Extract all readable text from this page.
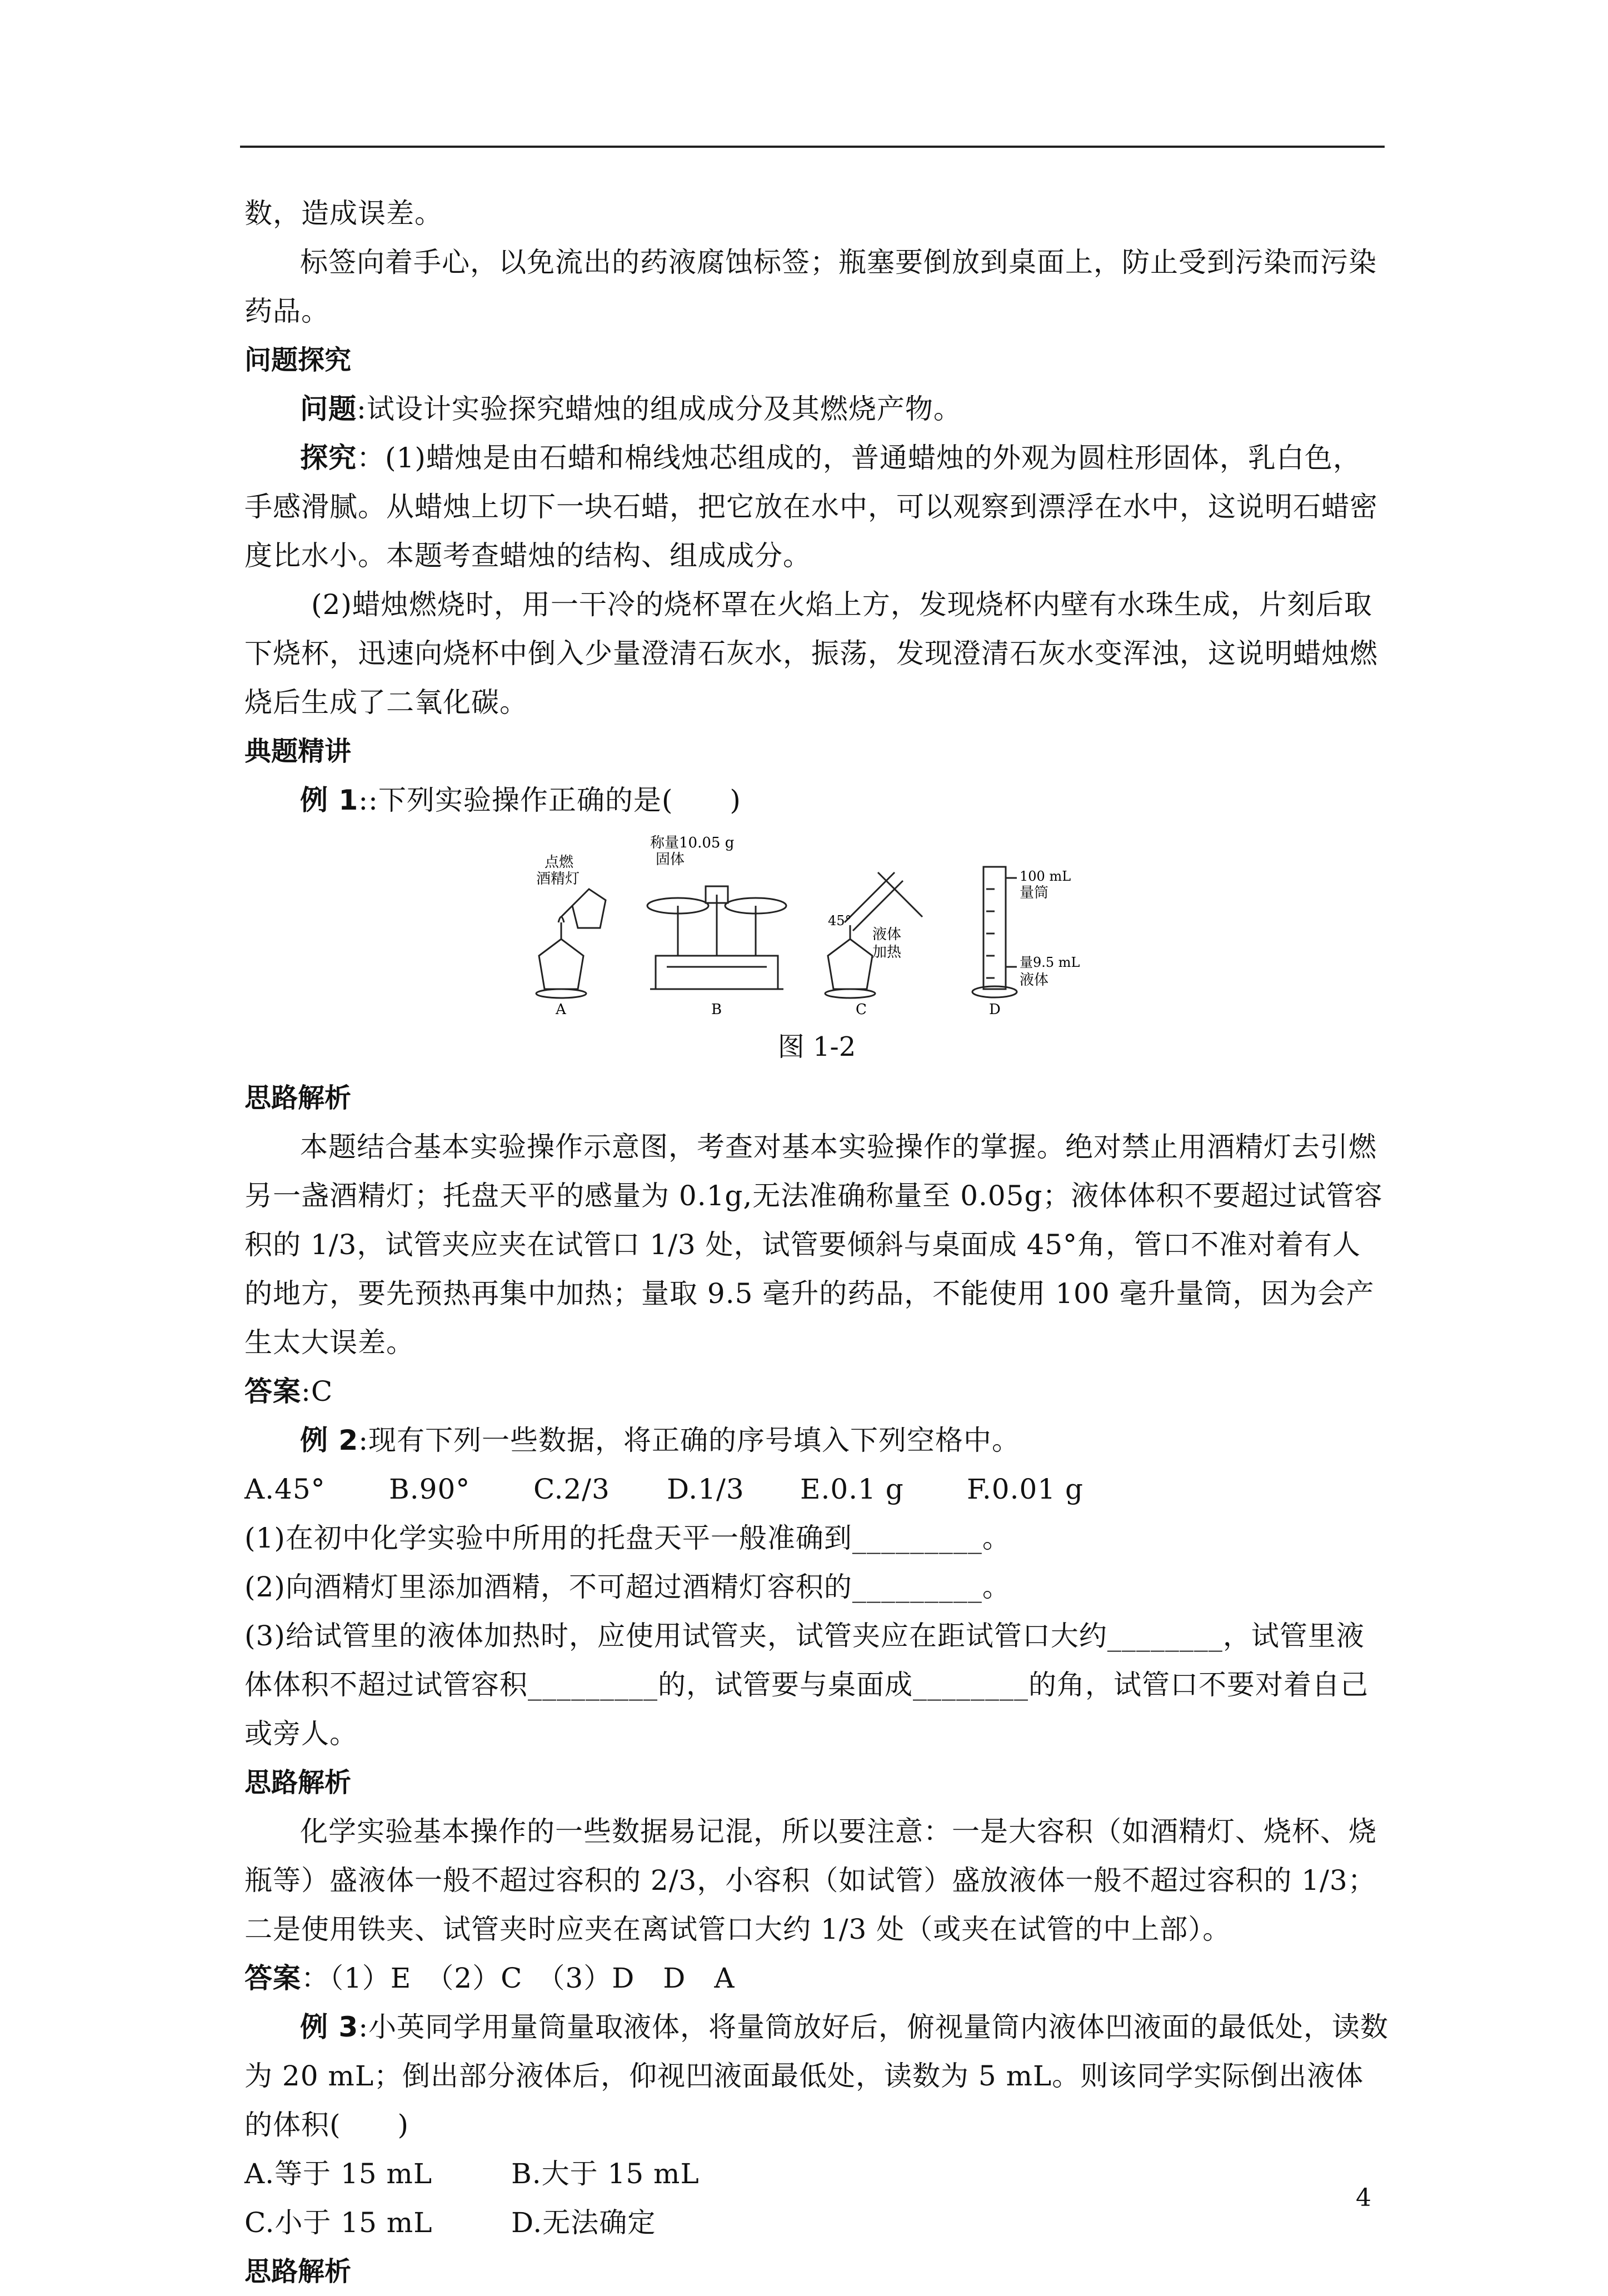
数，造成误差。

标签向着手心，以免流出的药液腐蚀标签；瓶塞要倒放到桌面上，防止受到污染而污染药品。

问题探究

问题:试设计实验探究蜡烛的组成成分及其燃烧产物。

探究：(1)蜡烛是由石蜡和棉线烛芯组成的，普通蜡烛的外观为圆柱形固体，乳白色，手感滑腻。从蜡烛上切下一块石蜡，把它放在水中，可以观察到漂浮在水中，这说明石蜡密度比水小。本题考查蜡烛的结构、组成成分。

(2)蜡烛燃烧时，用一干冷的烧杯罩在火焰上方，发现烧杯内壁有水珠生成，片刻后取下烧杯，迅速向烧杯中倒入少量澄清石灰水，振荡，发现澄清石灰水变浑浊，这说明蜡烛燃烧后生成了二氧化碳。

典题精讲

例 1::下列实验操作正确的是(　　)

点燃
酒精灯
称量10.05 g
固体
45°
液体
加热
100 mL
量筒
量9.5 mL
液体
A	B	C	D

图 1-2

思路解析

本题结合基本实验操作示意图，考查对基本实验操作的掌握。绝对禁止用酒精灯去引燃另一盏酒精灯；托盘天平的感量为 0.1g,无法准确称量至 0.05g；液体体积不要超过试管容积的 1/3，试管夹应夹在试管口 1/3 处，试管要倾斜与桌面成 45°角，管口不准对着有人的地方，要先预热再集中加热；量取 9.5 毫升的药品，不能使用 100 毫升量筒，因为会产生太大误差。

答案:C

例 2:现有下列一些数据，将正确的序号填入下列空格中。

A.45°	B.90°	C.2/3	D.1/3	E.0.1 g	F.0.01 g

(1)在初中化学实验中所用的托盘天平一般准确到_________。

(2)向酒精灯里添加酒精，不可超过酒精灯容积的_________。

(3)给试管里的液体加热时，应使用试管夹，试管夹应在距试管口大约________，试管里液体体积不超过试管容积_________的，试管要与桌面成________的角，试管口不要对着自己或旁人。

思路解析

化学实验基本操作的一些数据易记混，所以要注意：一是大容积（如酒精灯、烧杯、烧瓶等）盛液体一般不超过容积的 2/3，小容积（如试管）盛放液体一般不超过容积的 1/3；二是使用铁夹、试管夹时应夹在离试管口大约 1/3 处（或夹在试管的中上部）。

答案：（1）E　（2）C　（3）D　D　A

例 3:小英同学用量筒量取液体，将量筒放好后，俯视量筒内液体凹液面的最低处，读数为 20 mL；倒出部分液体后，仰视凹液面最低处，读数为 5 mL。则该同学实际倒出液体的体积(　　)

A.等于 15 mL	B.大于 15 mL
C.小于 15 mL	D.无法确定

思路解析

4
